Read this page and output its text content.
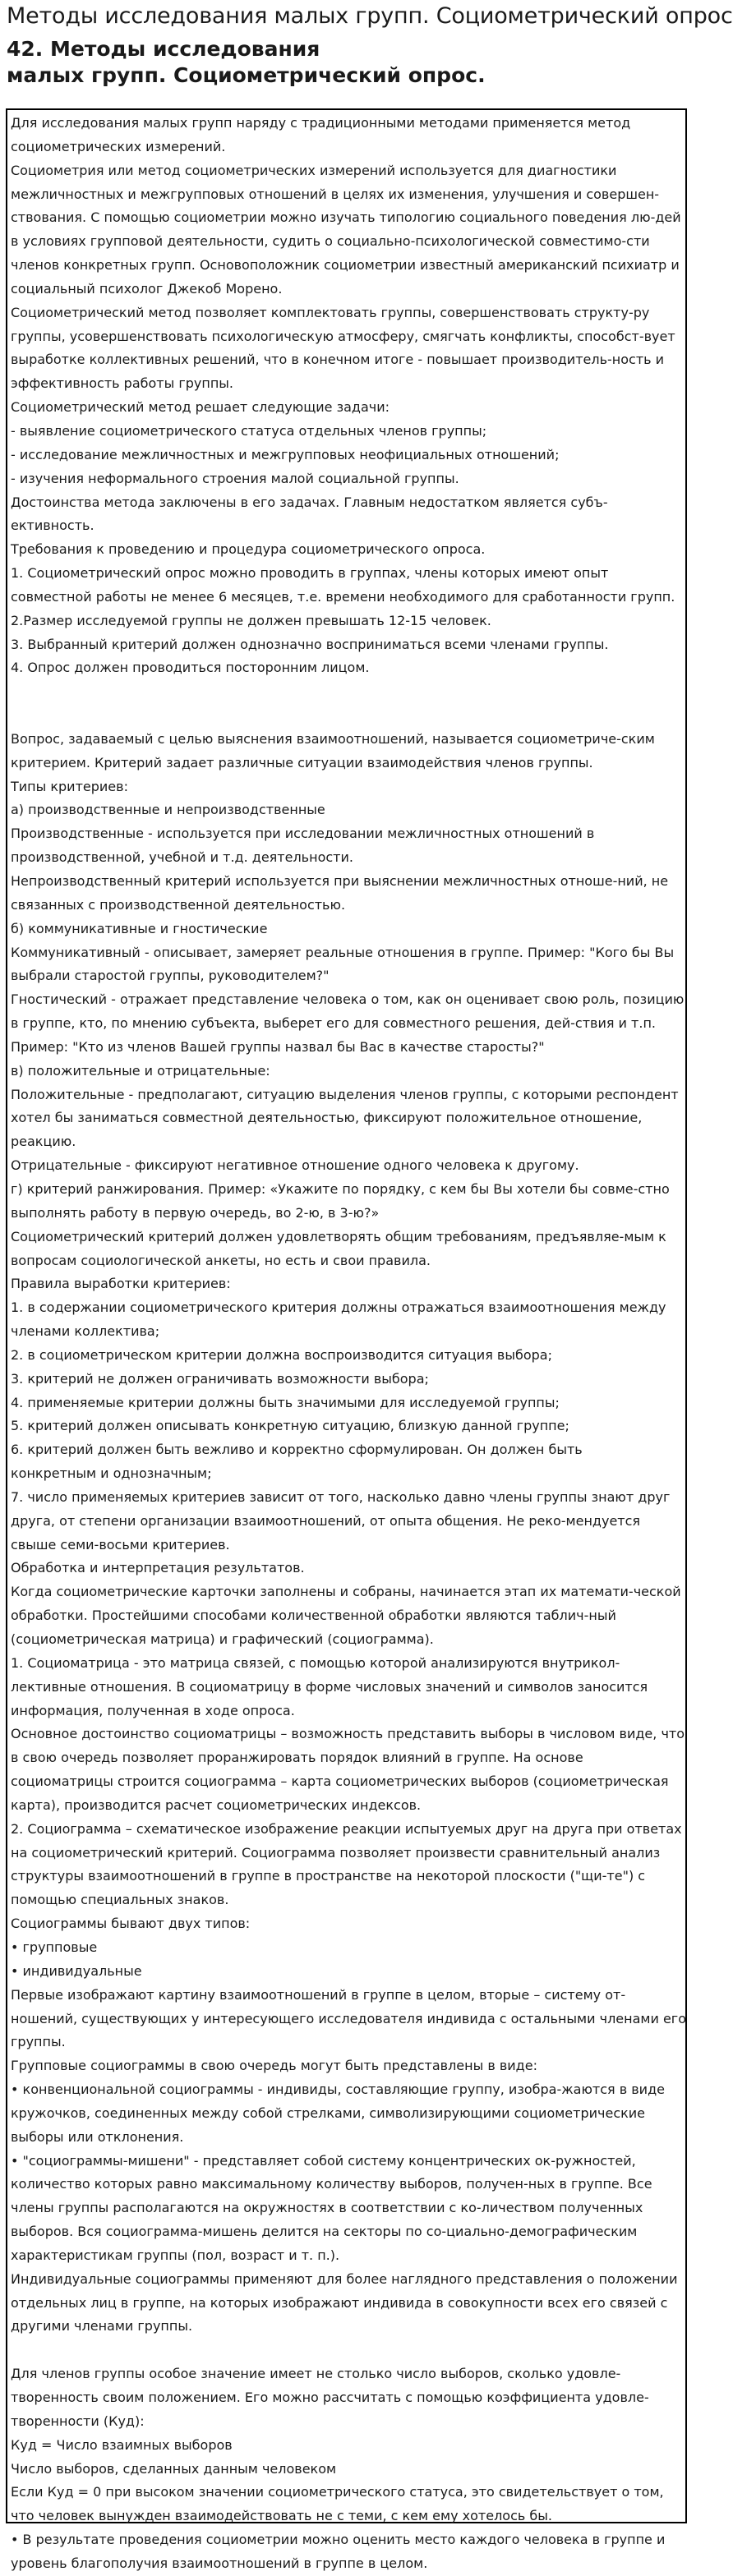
Методы исследования малых групп. Социометрический опрос
42. Методы исследования
малых групп. Социометрический опрос.
Для исследования малых групп наряду с традиционными методами применяется метод
социометрических измерений.
Социометрия или метод социометрических измерений используется для диагностики
межличностных и межгрупповых отношений в целях их изменения, улучшения и совершен-
ствования. С помощью социометрии можно изучать типологию социального поведения лю-дей
в условиях групповой деятельности, судить о социально-психологической совместимо-сти
членов конкретных групп. Основоположник социометрии известный американский психиатр и
социальный психолог Джекоб Морено.
Социометрический метод позволяет комплектовать группы, совершенствовать структу-ру
группы, усовершенствовать психологическую атмосферу, смягчать конфликты, способст-вует
выработке коллективных решений, что в конечном итоге - повышает производитель-ность и
эффективность работы группы.
Социометрический метод решает следующие задачи:
- выявление социометрического статуса отдельных членов группы;
- исследование межличностных и межгрупповых неофициальных отношений;
- изучения неформального строения малой социальной группы.
Достоинства метода заключены в его задачах. Главным недостатком является субъ-
ективность.
Требования к проведению и процедура социометрического опроса.
1. Социометрический опрос можно проводить в группах, члены которых имеют опыт
совместной работы не менее 6 месяцев, т.е. времени необходимого для сработанности групп.
2.Размер исследуемой группы не должен превышать 12-15 человек.
3. Выбранный критерий должен однозначно восприниматься всеми членами группы.
4. Опрос должен проводиться посторонним лицом.

Вопрос, задаваемый с целью выяснения взаимоотношений, называется социометриче-ским
критерием. Критерий задает различные ситуации взаимодействия членов группы.
Типы критериев:
а) производственные и непроизводственные
Производственные - используется при исследовании межличностных отношений в
производственной, учебной и т.д. деятельности.
Непроизводственный критерий используется при выяснении межличностных отноше-ний, не
связанных с производственной деятельностью.
б) коммуникативные и гностические
Коммуникативный - описывает, замеряет реальные отношения в группе. Пример: "Кого бы Вы
выбрали старостой группы, руководителем?"
Гностический - отражает представление человека о том, как он оценивает свою роль, позицию
в группе, кто, по мнению субъекта, выберет его для совместного решения, дей-ствия и т.п.
Пример: "Кто из членов Вашей группы назвал бы Вас в качестве старосты?"
в) положительные и отрицательные:
Положительные - предполагают, ситуацию выделения членов группы, с которыми респондент
хотел бы заниматься совместной деятельностью, фиксируют положительное отношение,
реакцию.
Отрицательные - фиксируют негативное отношение одного человека к другому.
г) критерий ранжирования. Пример: «Укажите по порядку, с кем бы Вы хотели бы совме-стно
выполнять работу в первую очередь, во 2-ю, в 3-ю?»
Социометрический критерий должен удовлетворять общим требованиям, предъявляе-мым к
вопросам социологической анкеты, но есть и свои правила.
Правила выработки критериев:
1. в содержании социометрического критерия должны отражаться взаимоотношения между
членами коллектива;
2. в социометрическом критерии должна воспроизводится ситуация выбора;
3. критерий не должен ограничивать возможности выбора;
4. применяемые критерии должны быть значимыми для исследуемой группы;
5. критерий должен описывать конкретную ситуацию, близкую данной группе;
6. критерий должен быть вежливо и корректно сформулирован. Он должен быть
конкретным и однозначным;
7. число применяемых критериев зависит от того, насколько давно члены группы знают друг
друга, от степени организации взаимоотношений, от опыта общения. Не реко-мендуется
свыше семи-восьми критериев.
Обработка и интерпретация результатов.
Когда социометрические карточки заполнены и собраны, начинается этап их математи-ческой
обработки. Простейшими способами количественной обработки являются таблич-ный
(социометрическая матрица) и графический (социограмма).
1. Социоматрица - это матрица связей, с помощью которой анализируются внутрикол-
лективные отношения. В социоматрицу в форме числовых значений и символов заносится
информация, полученная в ходе опроса.
Основное достоинство социоматрицы – возможность представить выборы в числовом виде, что
в свою очередь позволяет проранжировать порядок влияний в группе. На основе
социоматрицы строится социограмма – карта социометрических выборов (социометрическая
карта), производится расчет социометрических индексов.
2. Социограмма – схематическое изображение реакции испытуемых друг на друга при ответах
на социометрический критерий. Социограмма позволяет произвести сравнительный анализ
структуры взаимоотношений в группе в пространстве на некоторой плоскости ("щи-те") с
помощью специальных знаков.
Социограммы бывают двух типов:
• групповые
• индивидуальные
Первые изображают картину взаимоотношений в группе в целом, вторые – систему от-
ношений, существующих у интересующего исследователя индивида с остальными членами его
группы.
Групповые социограммы в свою очередь могут быть представлены в виде:
• конвенциональной социограммы - индивиды, составляющие группу, изобра-жаются в виде
кружочков, соединенных между собой стрелками, символизирующими социометрические
выборы или отклонения.
• "социограммы-мишени" - представляет собой систему концентрических ок-ружностей,
количество которых равно максимальному количеству выборов, получен-ных в группе. Все
члены группы располагаются на окружностях в соответствии с ко-личеством полученных
выборов. Вся социограмма-мишень делится на секторы по со-циально-демографическим
характеристикам группы (пол, возраст и т. п.).
Индивидуальные социограммы применяют для более наглядного представления о положении
отдельных лиц в группе, на которых изображают индивида в совокупности всех его связей с
другими членами группы.

Для членов группы особое значение имеет не столько число выборов, сколько удовле-
творенность своим положением. Его можно рассчитать с помощью коэффициента удовле-
творенности (Куд):
Куд = Число взаимных выборов
Число выборов, сделанных данным человеком
Если Куд = 0 при высоком значении социометрического статуса, это свидетельствует о том,
что человек вынужден взаимодействовать не с теми, с кем ему хотелось бы.
• В результате проведения социометрии можно оценить место каждого человека в группе и
уровень благополучия взаимоотношений в группе в целом.
